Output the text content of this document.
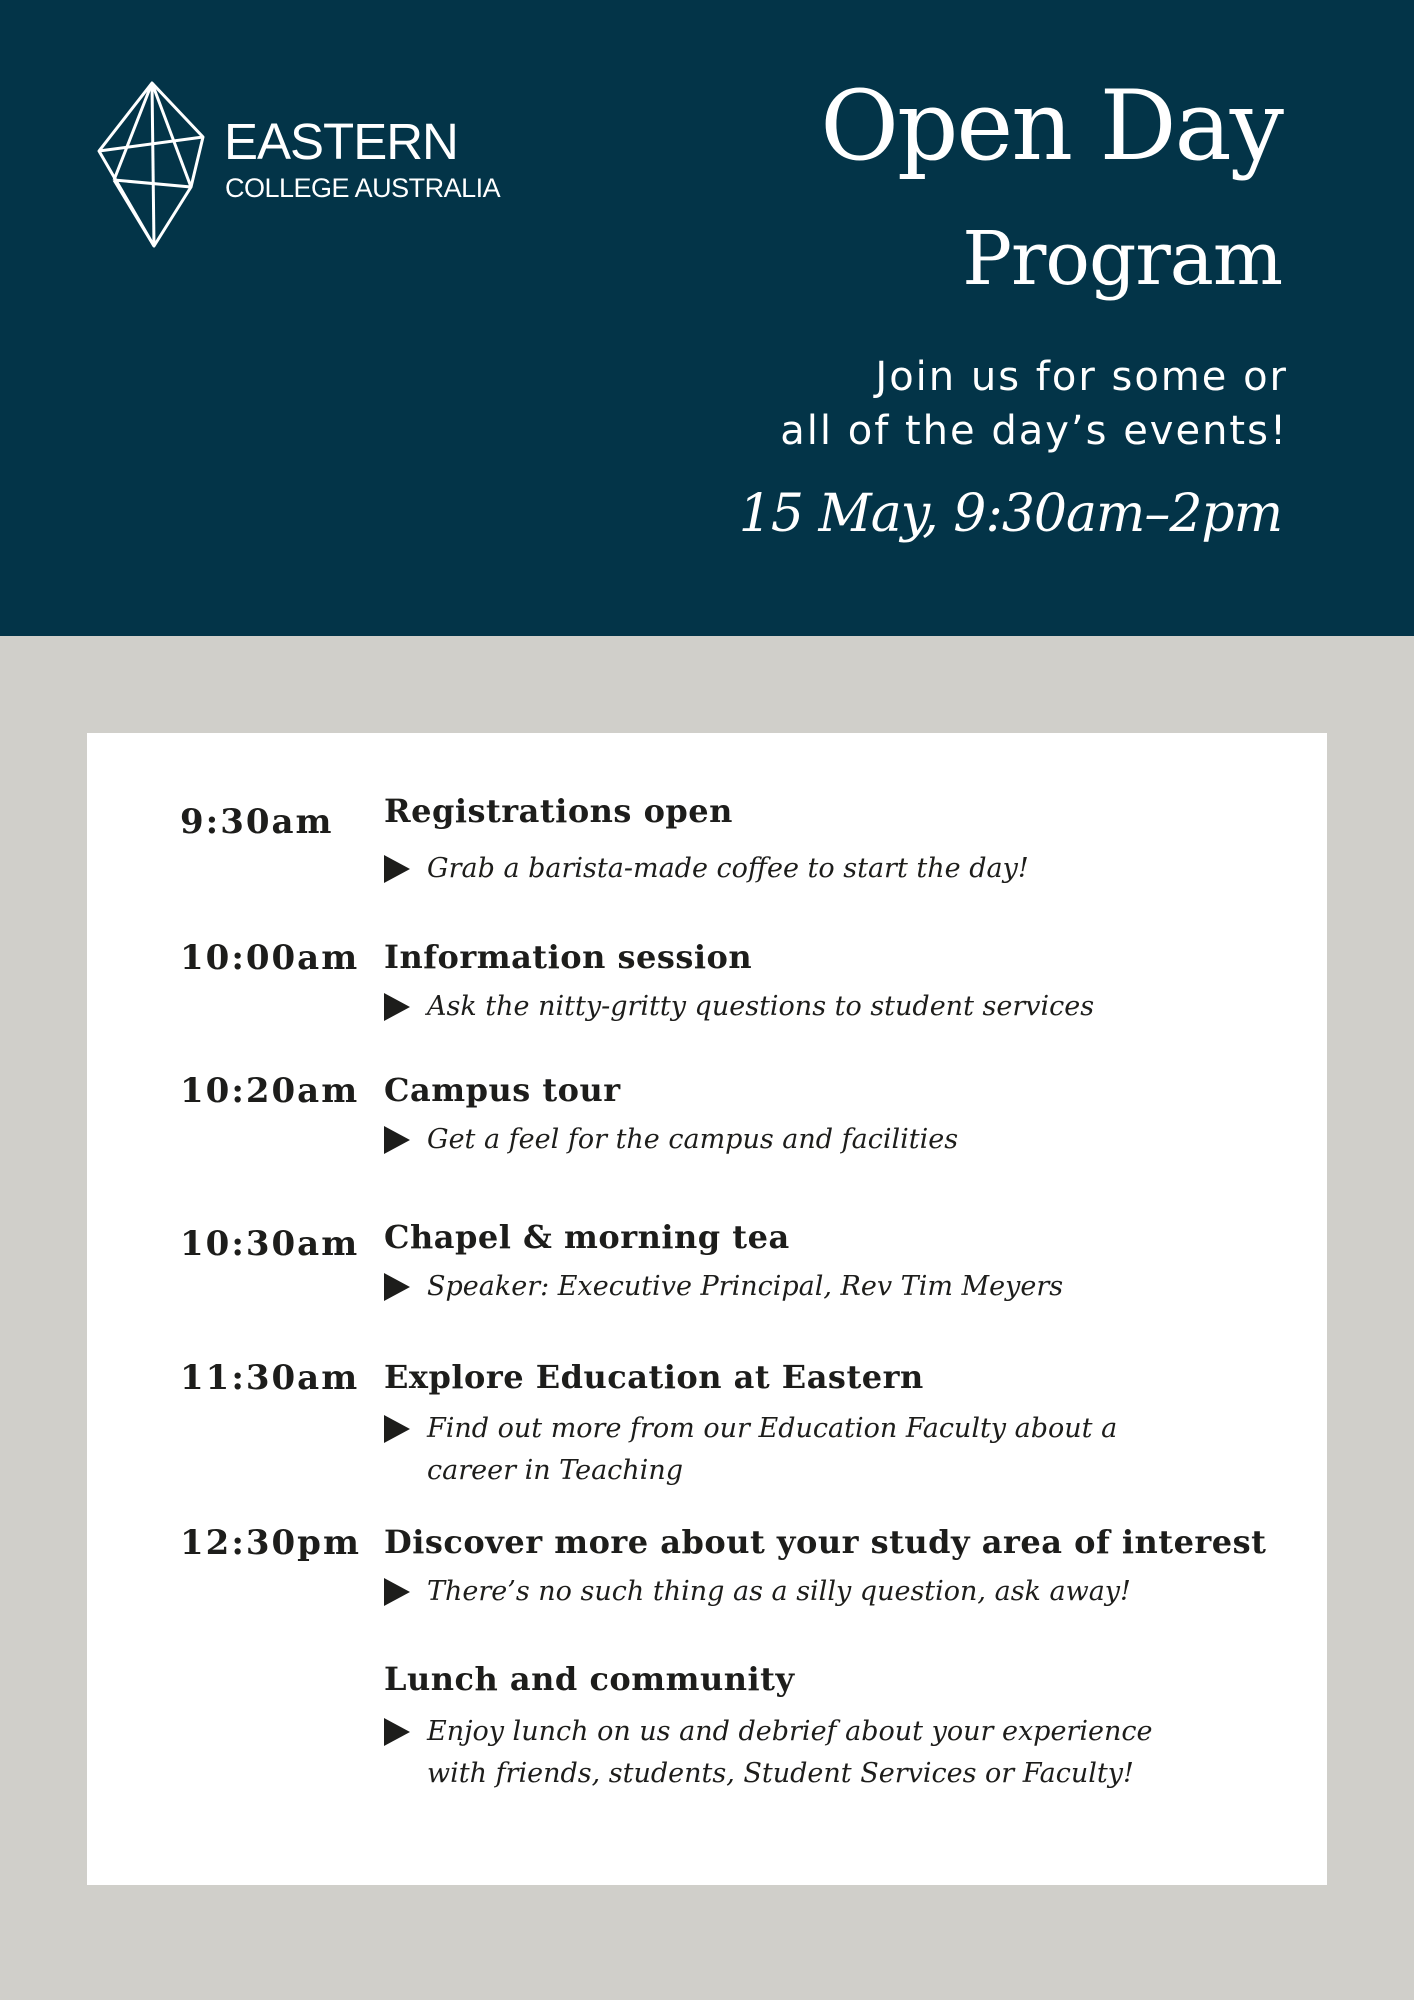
EASTERN
COLLEGE AUSTRALIA
Open Day
Program
Join us for some or
all of the day’s events!
15 May, 9:30am–2pm
9:30am Registrations open
Grab a barista-made coffee to start the day!
10:00am Information session
Ask the nitty-gritty questions to student services
10:20am Campus tour
Get a feel for the campus and facilities
10:30am Chapel & morning tea
Speaker: Executive Principal, Rev Tim Meyers
11:30am Explore Education at Eastern
Find out more from our Education Faculty about a
career in Teaching
12:30pm Discover more about your study area of interest
There’s no such thing as a silly question, ask away!
Lunch and community
Enjoy lunch on us and debrief about your experience
with friends, students, Student Services or Faculty!
